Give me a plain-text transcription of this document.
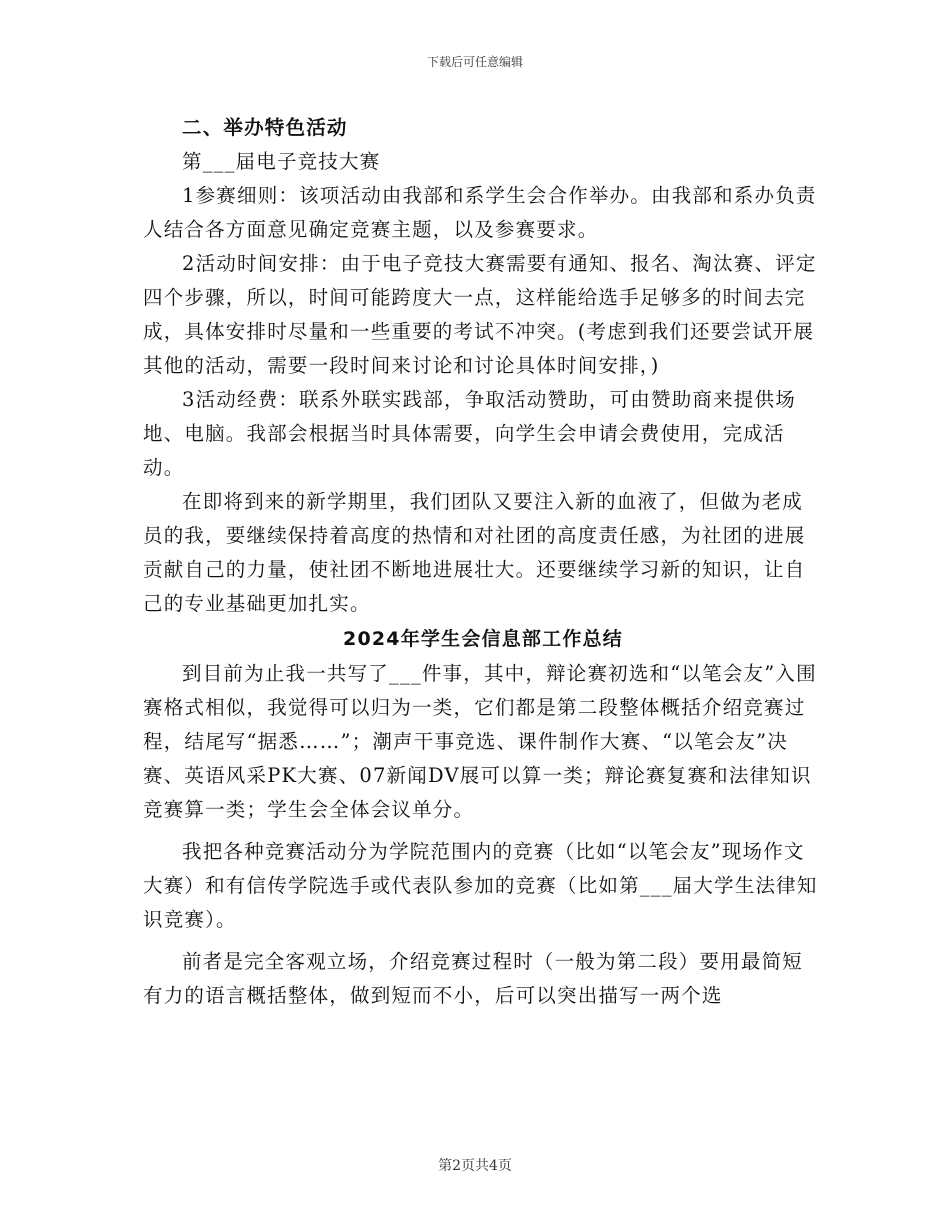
下载后可任意编辑

二、举办特色活动

第___届电子竞技大赛

1参赛细则：该项活动由我部和系学生会合作举办。由我部和系办负责人结合各方面意见确定竞赛主题，以及参赛要求。

2活动时间安排：由于电子竞技大赛需要有通知、报名、淘汰赛、评定四个步骤，所以，时间可能跨度大一点，这样能给选手足够多的时间去完成，具体安排时尽量和一些重要的考试不冲突。(考虑到我们还要尝试开展其他的活动，需要一段时间来讨论和讨论具体时间安排，)

3活动经费：联系外联实践部，争取活动赞助，可由赞助商来提供场地、电脑。我部会根据当时具体需要，向学生会申请会费使用，完成活动。

在即将到来的新学期里，我们团队又要注入新的血液了，但做为老成员的我，要继续保持着高度的热情和对社团的高度责任感，为社团的进展贡献自己的力量，使社团不断地进展壮大。还要继续学习新的知识，让自己的专业基础更加扎实。

2024年学生会信息部工作总结

到目前为止我一共写了___件事，其中，辩论赛初选和“以笔会友”入围赛格式相似，我觉得可以归为一类，它们都是第二段整体概括介绍竞赛过程，结尾写“据悉……”；潮声干事竞选、课件制作大赛、“以笔会友”决赛、英语风采PK大赛、07新闻DV展可以算一类；辩论赛复赛和法律知识竞赛算一类；学生会全体会议单分。

我把各种竞赛活动分为学院范围内的竞赛（比如“以笔会友”现场作文大赛）和有信传学院选手或代表队参加的竞赛（比如第___届大学生法律知识竞赛）。

前者是完全客观立场，介绍竞赛过程时（一般为第二段）要用最简短有力的语言概括整体，做到短而不小，后可以突出描写一两个选

第2页共4页
